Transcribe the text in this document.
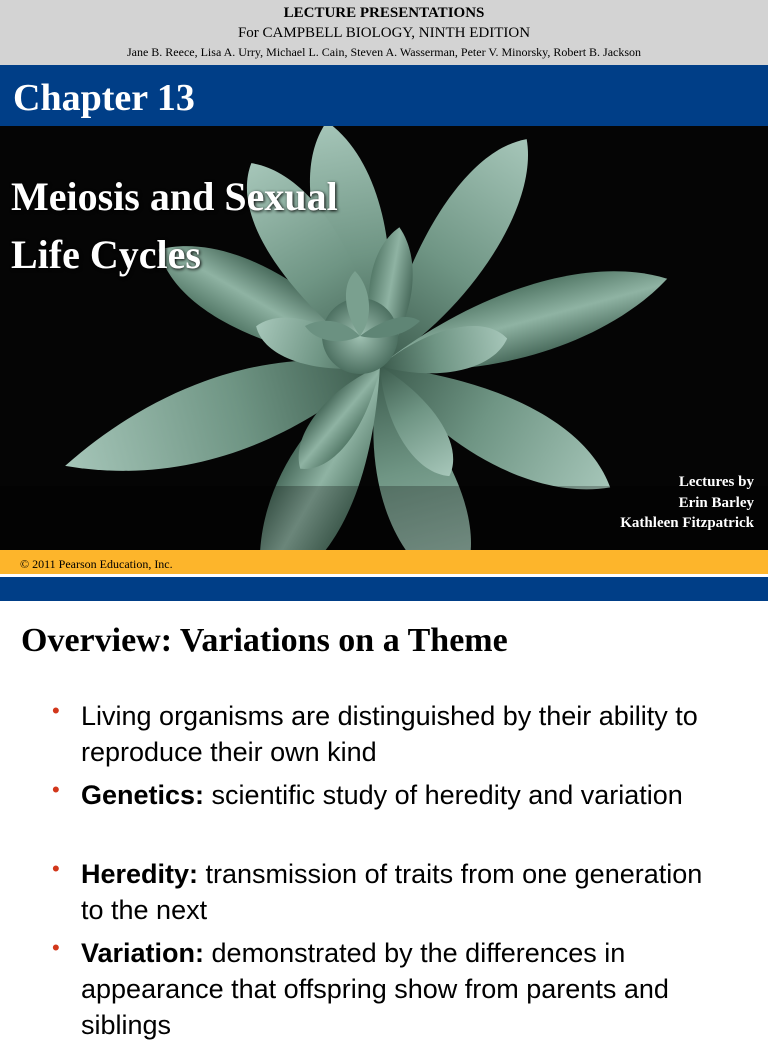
LECTURE PRESENTATIONS
For CAMPBELL BIOLOGY, NINTH EDITION
Jane B. Reece, Lisa A. Urry, Michael L. Cain, Steven A. Wasserman, Peter V. Minorsky, Robert B. Jackson
Chapter 13
Meiosis and Sexual
Life Cycles
Lectures by
Erin Barley
Kathleen Fitzpatrick
© 2011 Pearson Education, Inc.
Overview: Variations on a Theme
• Living organisms are distinguished by their ability to reproduce their own kind
• Genetics: scientific study of heredity and variation
• Heredity: transmission of traits from one generation to the next
• Variation: demonstrated by the differences in appearance that offspring show from parents and siblings
